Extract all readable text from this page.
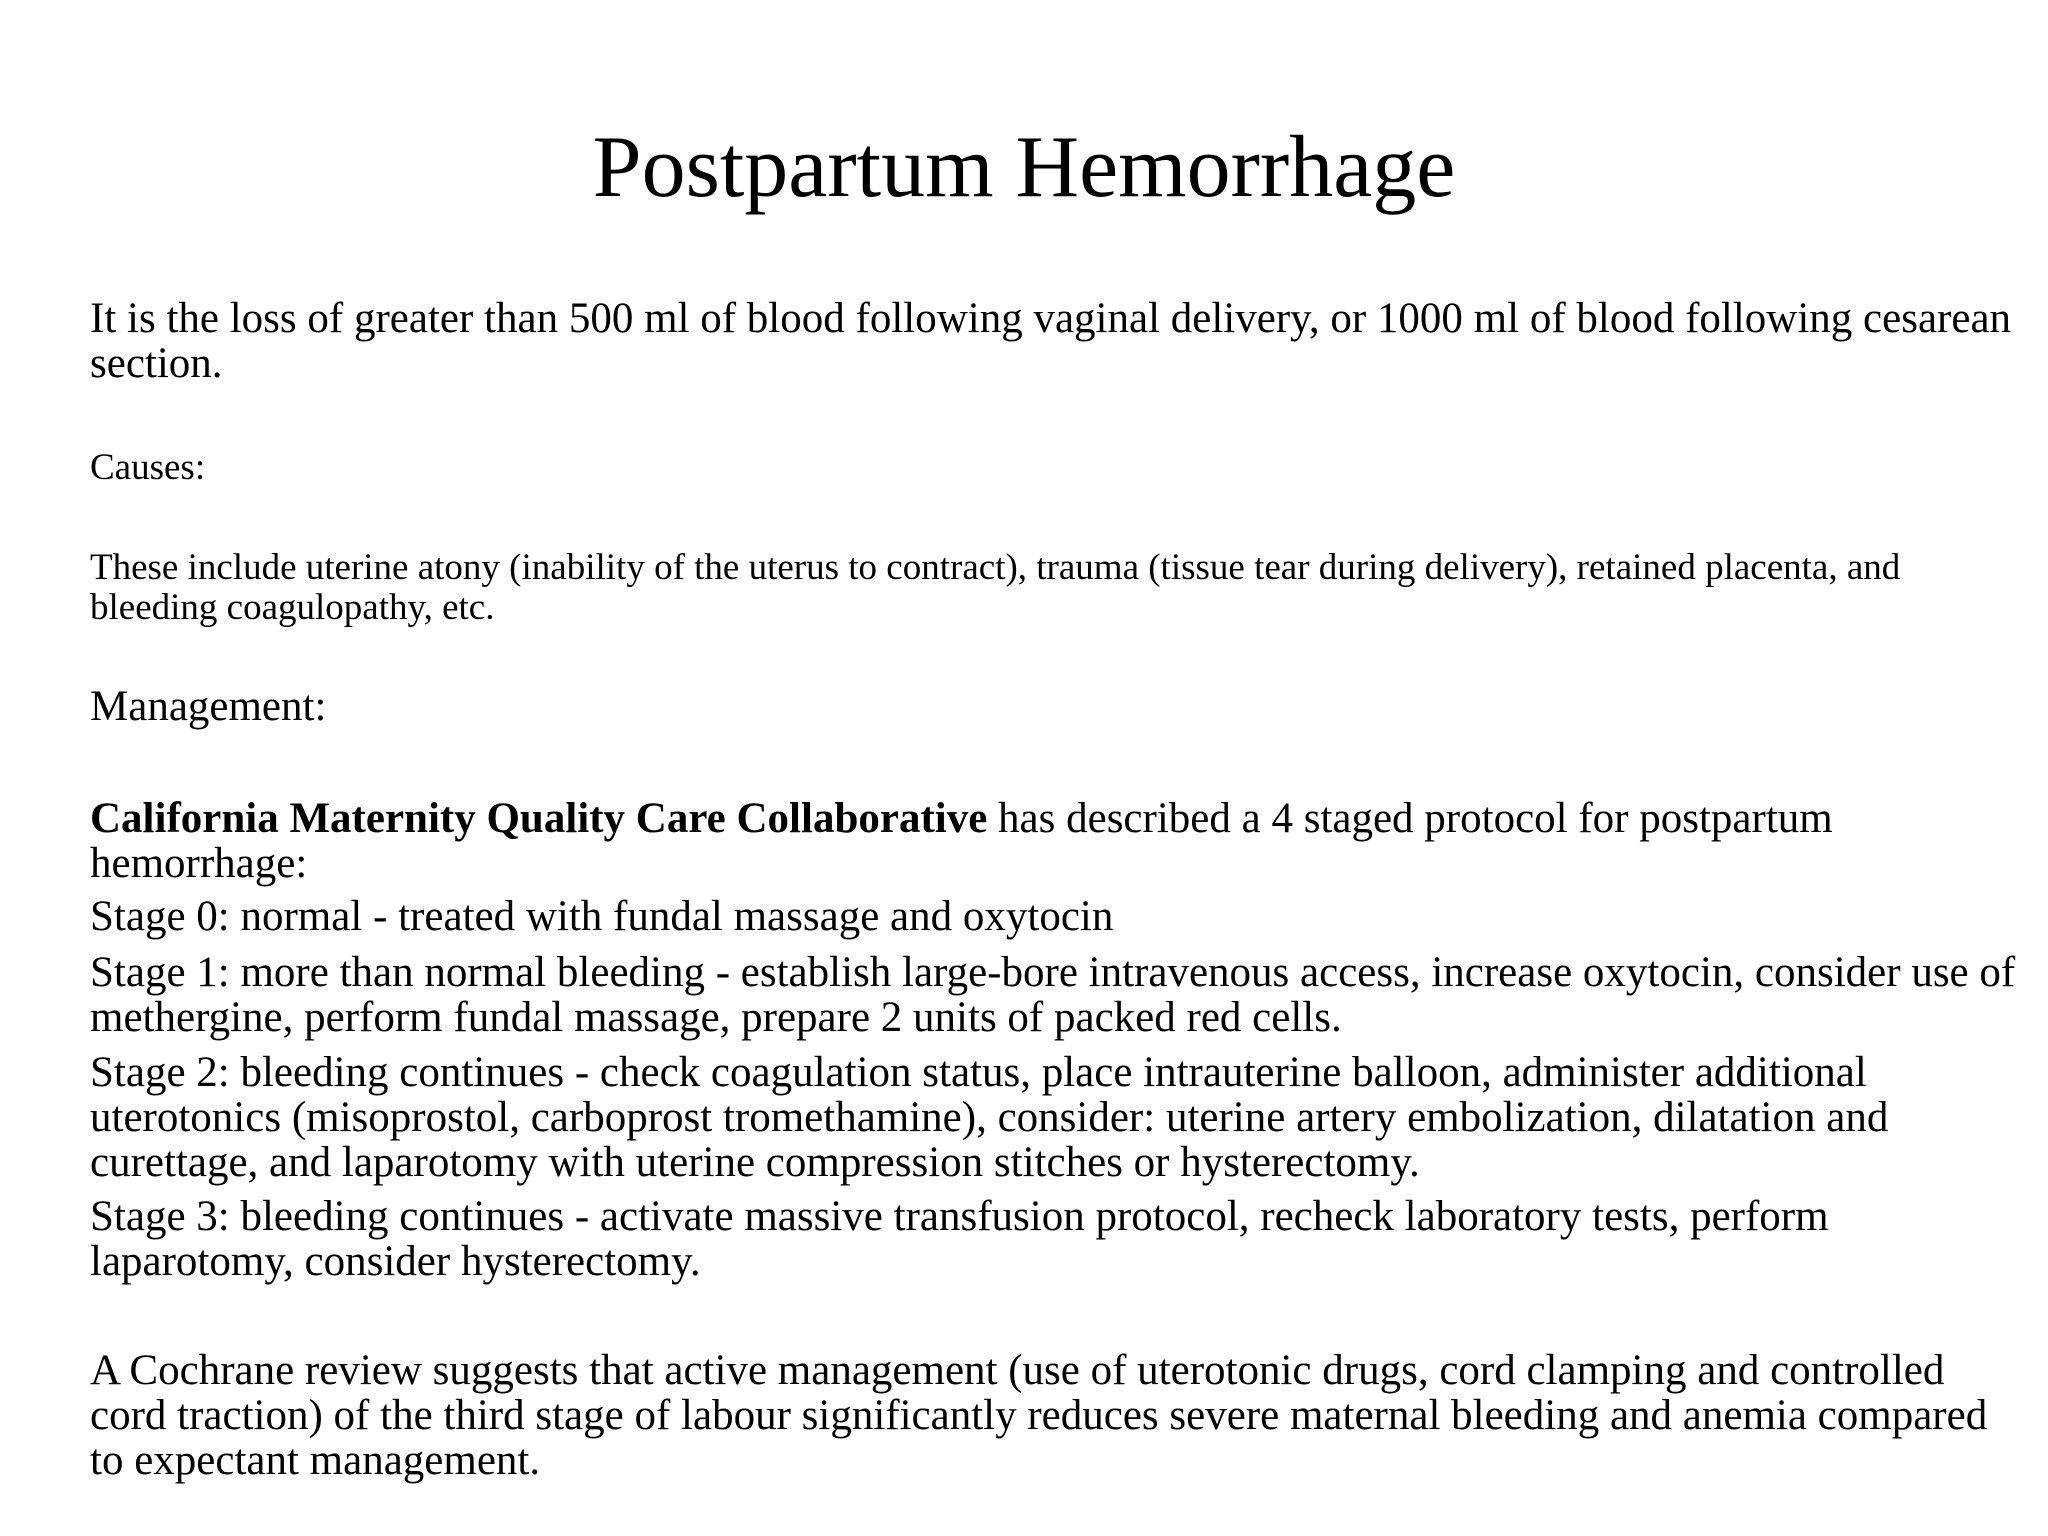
Postpartum Hemorrhage

It is the loss of greater than 500 ml of blood following vaginal delivery, or 1000 ml of blood following cesarean section.

Causes:

These include uterine atony (inability of the uterus to contract), trauma (tissue tear during delivery), retained placenta, and bleeding coagulopathy, etc.

Management:

California Maternity Quality Care Collaborative has described a 4 staged protocol for postpartum hemorrhage:

Stage 0: normal - treated with fundal massage and oxytocin

Stage 1: more than normal bleeding - establish large-bore intravenous access, increase oxytocin, consider use of methergine, perform fundal massage, prepare 2 units of packed red cells.

Stage 2: bleeding continues - check coagulation status, place intrauterine balloon, administer additional uterotonics (misoprostol, carboprost tromethamine), consider: uterine artery embolization, dilatation and curettage, and laparotomy with uterine compression stitches or hysterectomy.

Stage 3: bleeding continues - activate massive transfusion protocol, recheck laboratory tests, perform laparotomy, consider hysterectomy.

A Cochrane review suggests that active management (use of uterotonic drugs, cord clamping and controlled cord traction) of the third stage of labour significantly reduces severe maternal bleeding and anemia compared to expectant management.
